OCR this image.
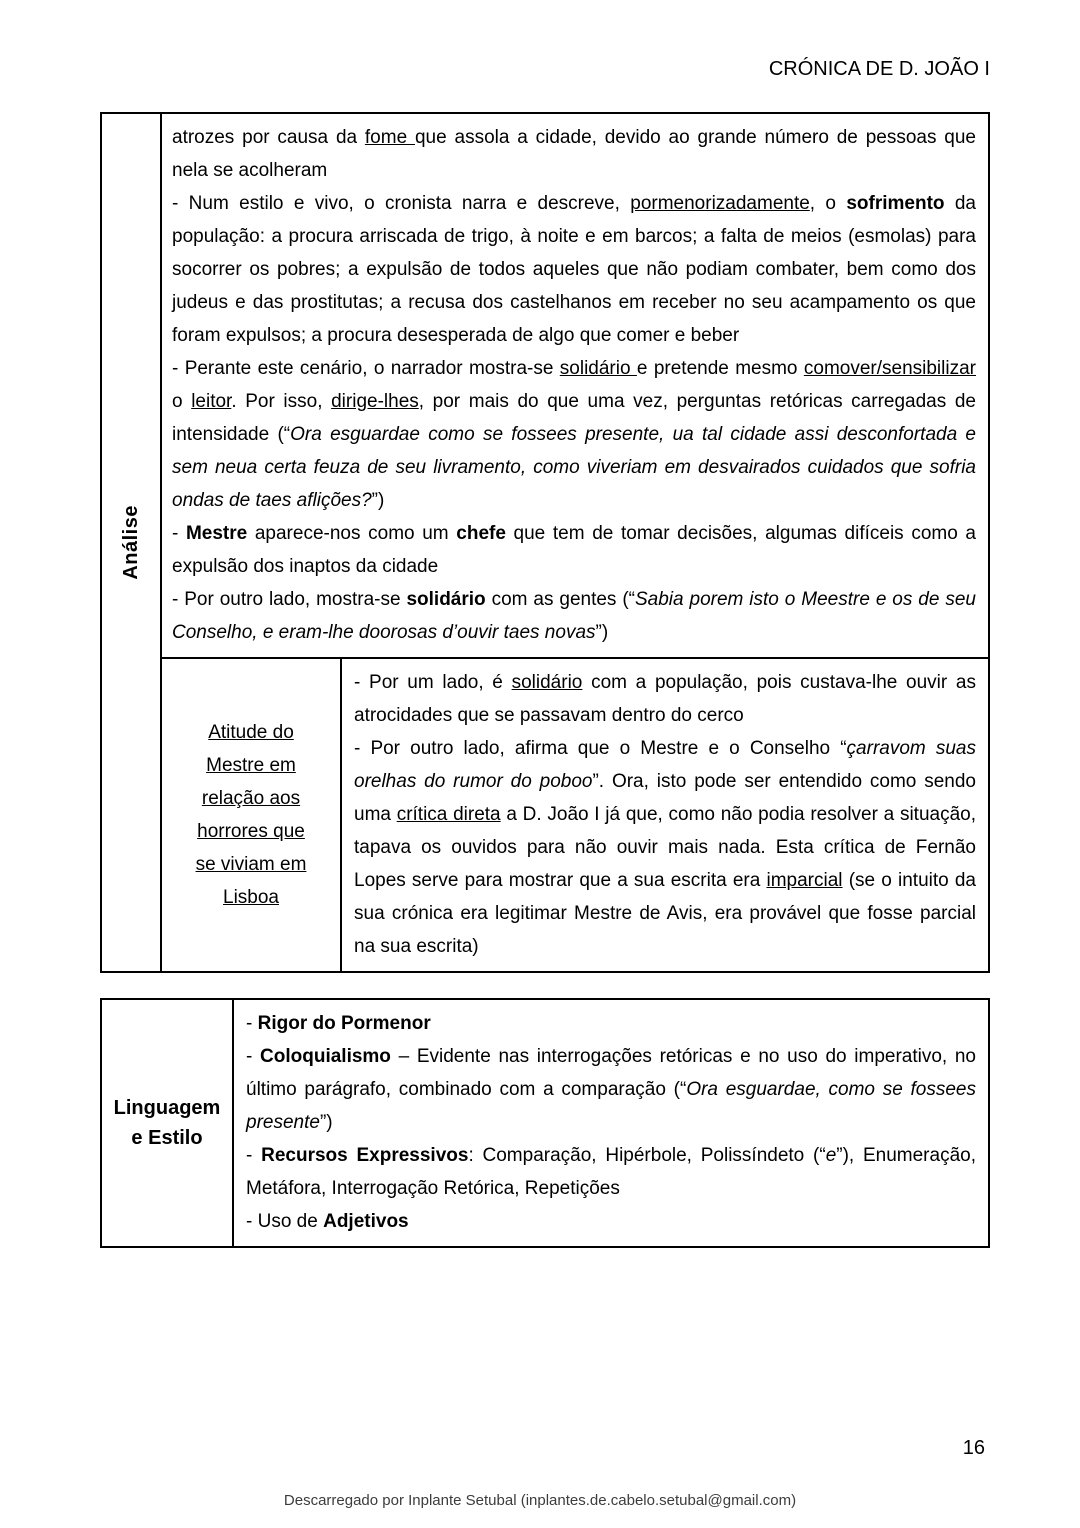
CRÓNICA DE D. JOÃO I
Análise
atrozes por causa da fome que assola a cidade, devido ao grande número de pessoas que nela se acolheram
- Num estilo e vivo, o cronista narra e descreve, pormenorizadamente, o sofrimento da população: a procura arriscada de trigo, à noite e em barcos; a falta de meios (esmolas) para socorrer os pobres; a expulsão de todos aqueles que não podiam combater, bem como dos judeus e das prostitutas; a recusa dos castelhanos em receber no seu acampamento os que foram expulsos; a procura desesperada de algo que comer e beber
- Perante este cenário, o narrador mostra-se solidário e pretende mesmo comover/sensibilizar o leitor. Por isso, dirige-lhes, por mais do que uma vez, perguntas retóricas carregadas de intensidade (“Ora esguardae como se fossees presente, ua tal cidade assi desconfortada e sem neua certa feuza de seu livramento, como viveriam em desvairados cuidados que sofria ondas de taes aflições?”)
- Mestre aparece-nos como um chefe que tem de tomar decisões, algumas difíceis como a expulsão dos inaptos da cidade
- Por outro lado, mostra-se solidário com as gentes (“Sabia porem isto o Meestre e os de seu Conselho, e eram-lhe doorosas d’ouvir taes novas”)
Atitude do Mestre em relação aos horrores que se viviam em Lisboa
- Por um lado, é solidário com a população, pois custava-lhe ouvir as atrocidades que se passavam dentro do cerco
- Por outro lado, afirma que o Mestre e o Conselho “çarravom suas orelhas do rumor do poboo”. Ora, isto pode ser entendido como sendo uma crítica direta a D. João I já que, como não podia resolver a situação, tapava os ouvidos para não ouvir mais nada. Esta crítica de Fernão Lopes serve para mostrar que a sua escrita era imparcial (se o intuito da sua crónica era legitimar Mestre de Avis, era provável que fosse parcial na sua escrita)
Linguagem e Estilo
- Rigor do Pormenor
- Coloquialismo – Evidente nas interrogações retóricas e no uso do imperativo, no último parágrafo, combinado com a comparação (“Ora esguardae, como se fossees presente”)
- Recursos Expressivos: Comparação, Hipérbole, Polissíndeto (“e”), Enumeração, Metáfora, Interrogação Retórica, Repetições
- Uso de Adjetivos
16
Descarregado por Inplante Setubal (inplantes.de.cabelo.setubal@gmail.com)
